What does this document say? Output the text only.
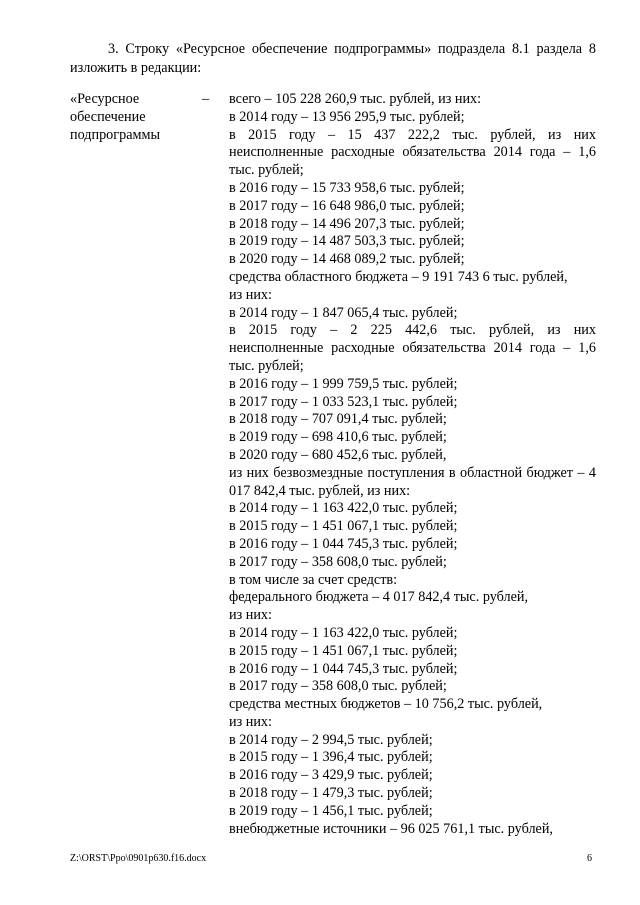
3. Строку «Ресурсное обеспечение подпрограммы» подраздела 8.1 раздела 8 изложить в редакции:
«Ресурсное
обеспечение
подпрограммы
– всего – 105 228 260,9 тыс. рублей, из них:
в 2014 году – 13 956 295,9 тыс. рублей;
в 2015 году – 15 437 222,2 тыс. рублей, из них неисполненные расходные обязательства 2014 года – 1,6 тыс. рублей;
в 2016 году – 15 733 958,6 тыс. рублей;
в 2017 году – 16 648 986,0 тыс. рублей;
в 2018 году – 14 496 207,3 тыс. рублей;
в 2019 году – 14 487 503,3 тыс. рублей;
в 2020 году – 14 468 089,2 тыс. рублей;
средства областного бюджета – 9 191 743 6 тыс. рублей,
из них:
в 2014 году – 1 847 065,4 тыс. рублей;
в 2015 году – 2 225 442,6 тыс. рублей, из них неисполненные расходные обязательства 2014 года – 1,6 тыс. рублей;
в 2016 году – 1 999 759,5 тыс. рублей;
в 2017 году – 1 033 523,1 тыс. рублей;
в 2018 году – 707 091,4 тыс. рублей;
в 2019 году – 698 410,6 тыс. рублей;
в 2020 году – 680 452,6 тыс. рублей,
из них безвозмездные поступления в областной бюджет – 4 017 842,4 тыс. рублей, из них:
в 2014 году – 1 163 422,0 тыс. рублей;
в 2015 году – 1 451 067,1 тыс. рублей;
в 2016 году – 1 044 745,3 тыс. рублей;
в 2017 году – 358 608,0 тыс. рублей;
в том числе за счет средств:
федерального бюджета – 4 017 842,4 тыс. рублей,
из них:
в 2014 году – 1 163 422,0 тыс. рублей;
в 2015 году – 1 451 067,1 тыс. рублей;
в 2016 году – 1 044 745,3 тыс. рублей;
в 2017 году – 358 608,0 тыс. рублей;
средства местных бюджетов – 10 756,2 тыс. рублей,
из них:
в 2014 году – 2 994,5 тыс. рублей;
в 2015 году – 1 396,4 тыс. рублей;
в 2016 году – 3 429,9 тыс. рублей;
в 2018 году – 1 479,3 тыс. рублей;
в 2019 году – 1 456,1 тыс. рублей;
внебюджетные источники – 96 025 761,1 тыс. рублей,
Z:\ORST\Ppo\0901p630.f16.docx	6
